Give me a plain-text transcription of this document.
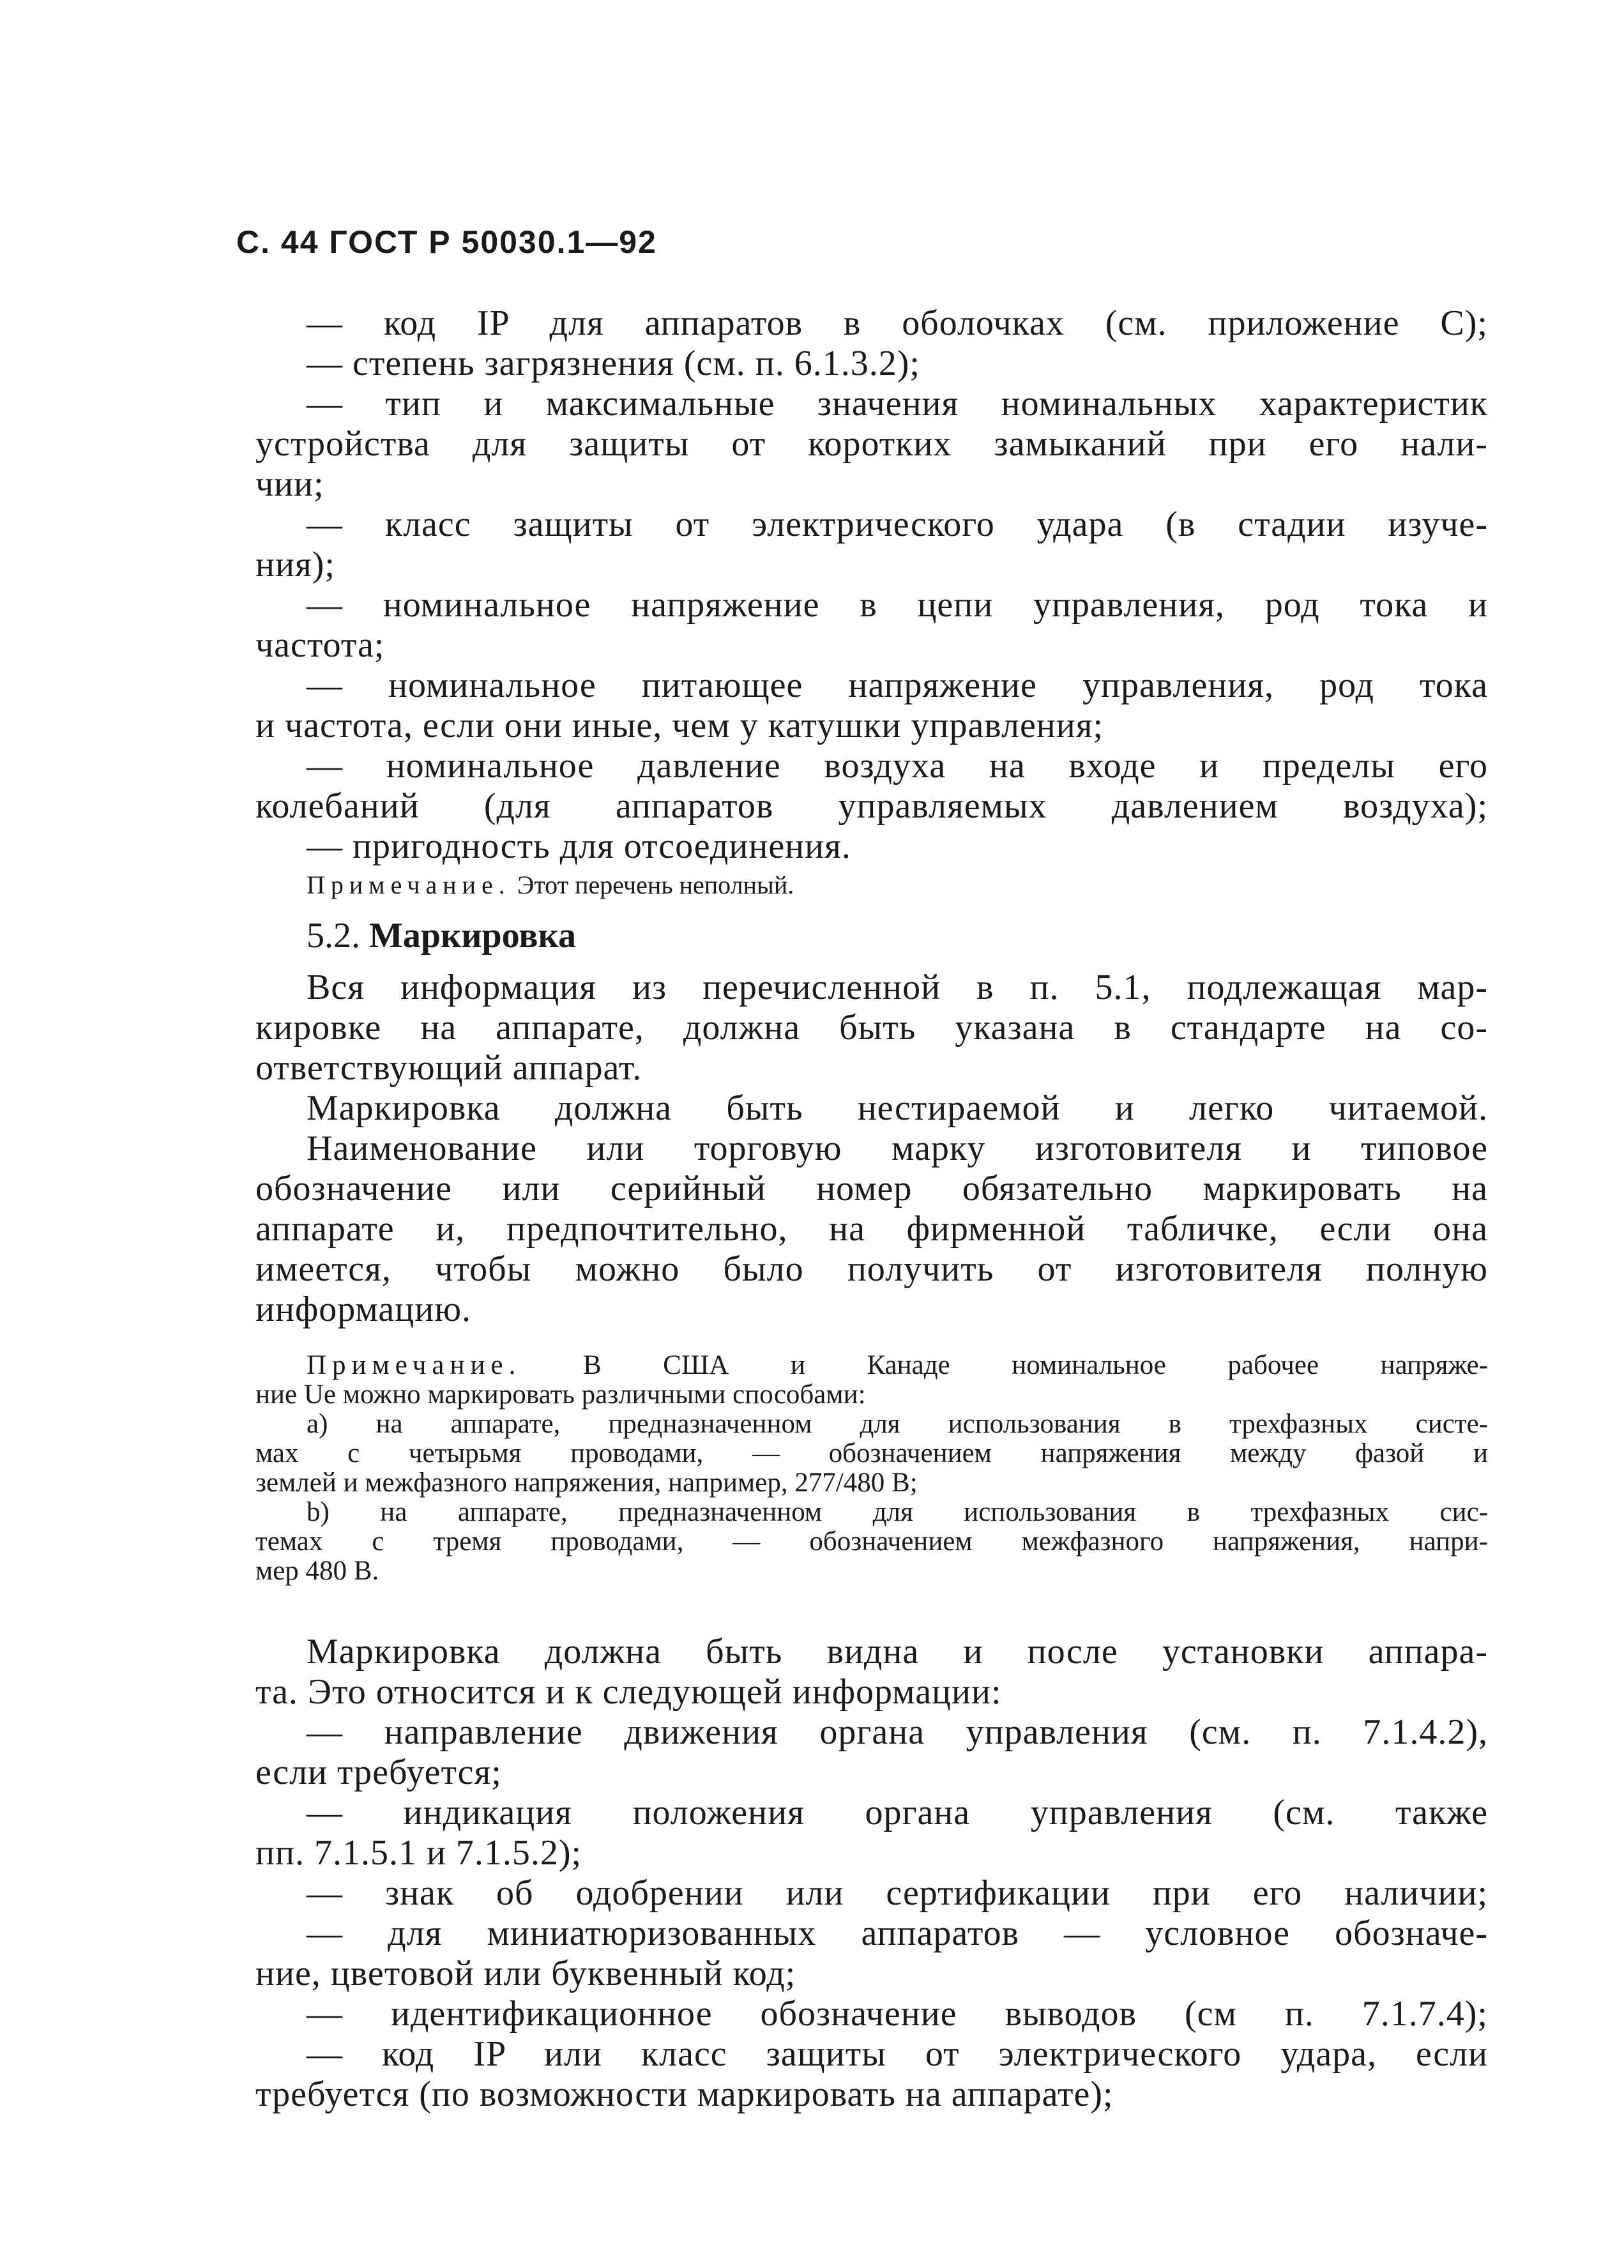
С. 44 ГОСТ Р 50030.1—92
— код IP для аппаратов в оболочках (см. приложение С);
— степень загрязнения (см. п. 6.1.3.2);
— тип и максимальные значения номинальных характеристик
устройства для защиты от коротких замыканий при его нали-
чии;
— класс защиты от электрического удара (в стадии изуче-
ния);
— номинальное напряжение в цепи управления, род тока и
частота;
— номинальное питающее напряжение управления, род тока
и частота, если они иные, чем у катушки управления;
— номинальное давление воздуха на входе и пределы его
колебаний (для аппаратов управляемых давлением воздуха);
— пригодность для отсоединения.
Примечание. Этот перечень неполный.
5.2. Маркировка
Вся информация из перечисленной в п. 5.1, подлежащая мар-
кировке на аппарате, должна быть указана в стандарте на со-
ответствующий аппарат.
Маркировка должна быть нестираемой и легко читаемой.
Наименование или торговую марку изготовителя и типовое
обозначение или серийный номер обязательно маркировать на
аппарате и, предпочтительно, на фирменной табличке, если она
имеется, чтобы можно было получить от изготовителя полную
информацию.
Примечание. В США и Канаде номинальное рабочее напряже-
ние Ue можно маркировать различными способами:
a) на аппарате, предназначенном для использования в трехфазных систе-
мах с четырьмя проводами, — обозначением напряжения между фазой и
землей и межфазного напряжения, например, 277/480 В;
b) на аппарате, предназначенном для использования в трехфазных сис-
темах с тремя проводами, — обозначением межфазного напряжения, напри-
мер 480 В.
Маркировка должна быть видна и после установки аппара-
та. Это относится и к следующей информации:
— направление движения органа управления (см. п. 7.1.4.2),
если требуется;
— индикация положения органа управления (см. также
пп. 7.1.5.1 и 7.1.5.2);
— знак об одобрении или сертификации при его наличии;
— для миниатюризованных аппаратов — условное обозначе-
ние, цветовой или буквенный код;
— идентификационное обозначение выводов (см п. 7.1.7.4);
— код IP или класс защиты от электрического удара, если
требуется (по возможности маркировать на аппарате);
